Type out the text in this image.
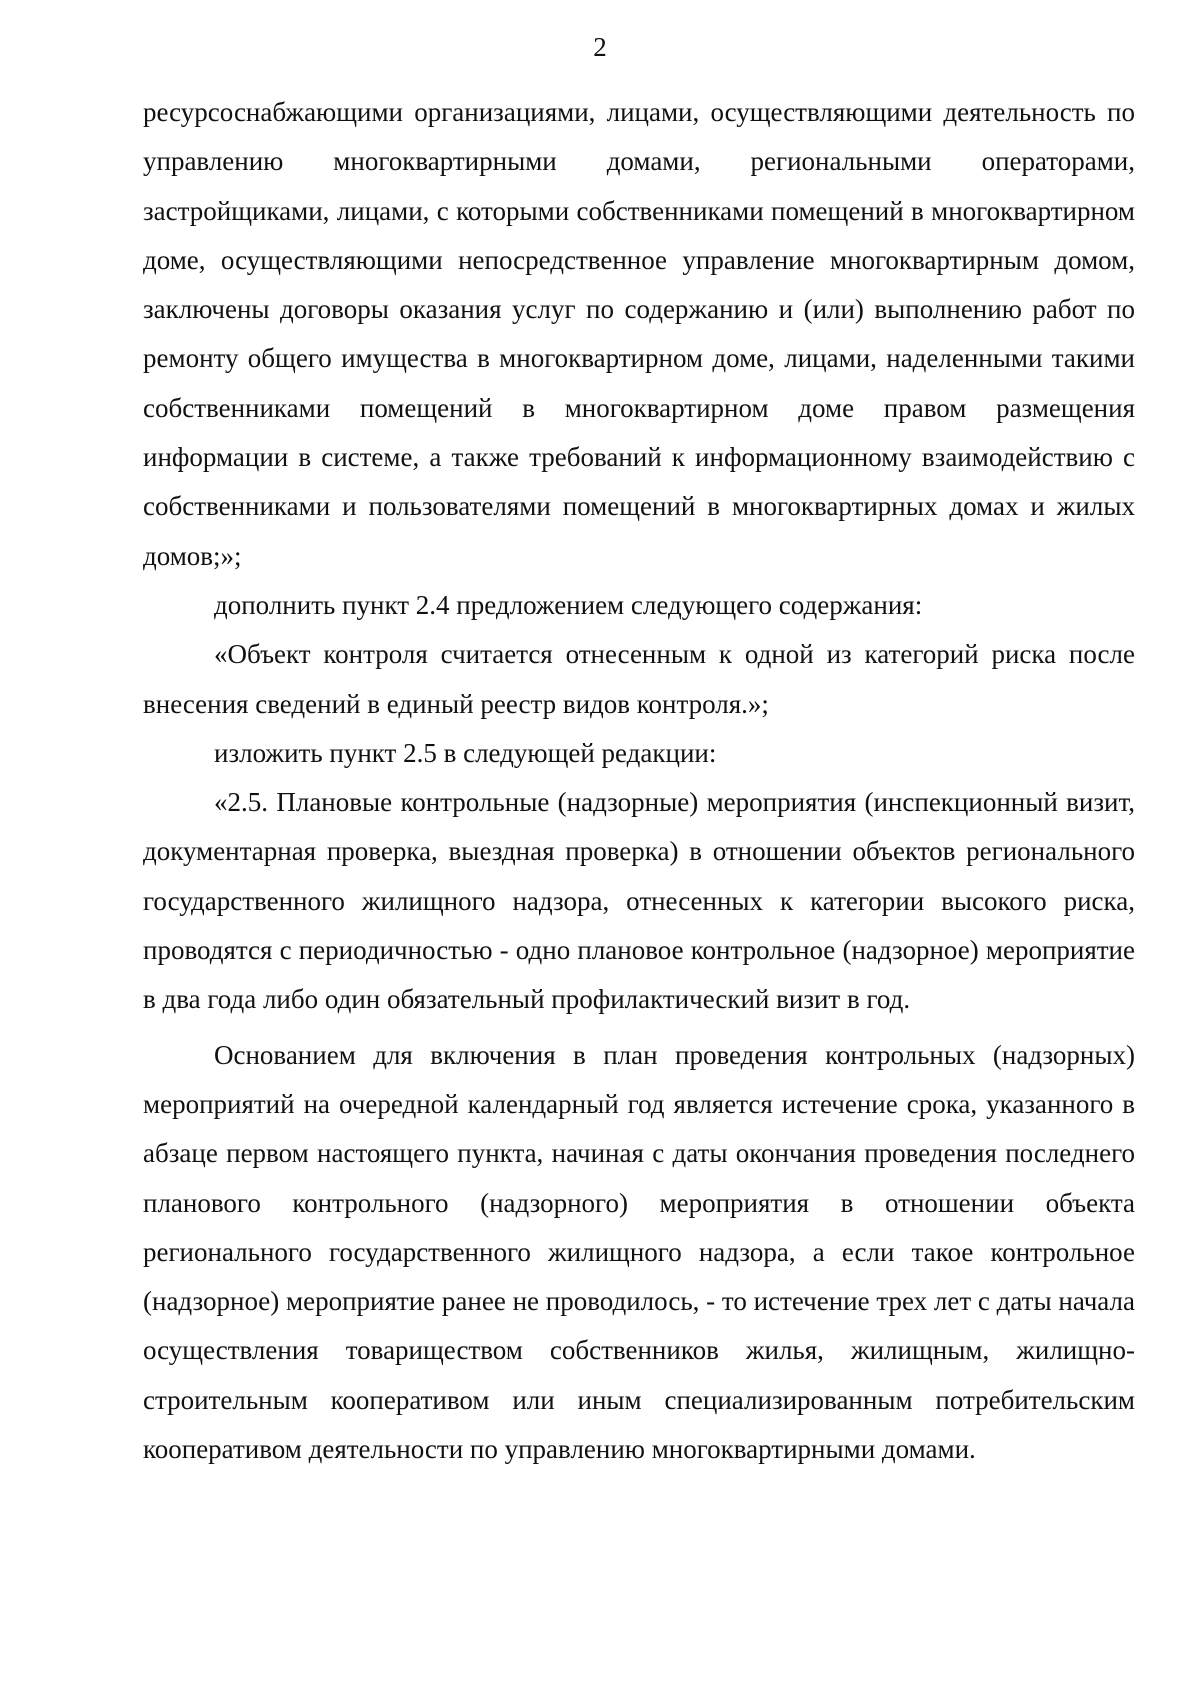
2

ресурсоснабжающими организациями, лицами, осуществляющими деятельность по управлению многоквартирными домами, региональными операторами, застройщиками, лицами, с которыми собственниками помещений в многоквартирном доме, осуществляющими непосредственное управление многоквартирным домом, заключены договоры оказания услуг по содержанию и (или) выполнению работ по ремонту общего имущества в многоквартирном доме, лицами, наделенными такими собственниками помещений в многоквартирном доме правом размещения информации в системе, а также требований к информационному взаимодействию с собственниками и пользователями помещений в многоквартирных домах и жилых домов;»;

дополнить пункт 2.4 предложением следующего содержания:

«Объект контроля считается отнесенным к одной из категорий риска после внесения сведений в единый реестр видов контроля.»;

изложить пункт 2.5 в следующей редакции:

«2.5. Плановые контрольные (надзорные) мероприятия (инспекционный визит, документарная проверка, выездная проверка) в отношении объектов регионального государственного жилищного надзора, отнесенных к категории высокого риска, проводятся с периодичностью - одно плановое контрольное (надзорное) мероприятие в два года либо один обязательный профилактический визит в год.

Основанием для включения в план проведения контрольных (надзорных) мероприятий на очередной календарный год является истечение срока, указанного в абзаце первом настоящего пункта, начиная с даты окончания проведения последнего планового контрольного (надзорного) мероприятия в отношении объекта регионального государственного жилищного надзора, а если такое контрольное (надзорное) мероприятие ранее не проводилось, - то истечение трех лет с даты начала осуществления товариществом собственников жилья, жилищным, жилищно-строительным кооперативом или иным специализированным потребительским кооперативом деятельности по управлению многоквартирными домами.
